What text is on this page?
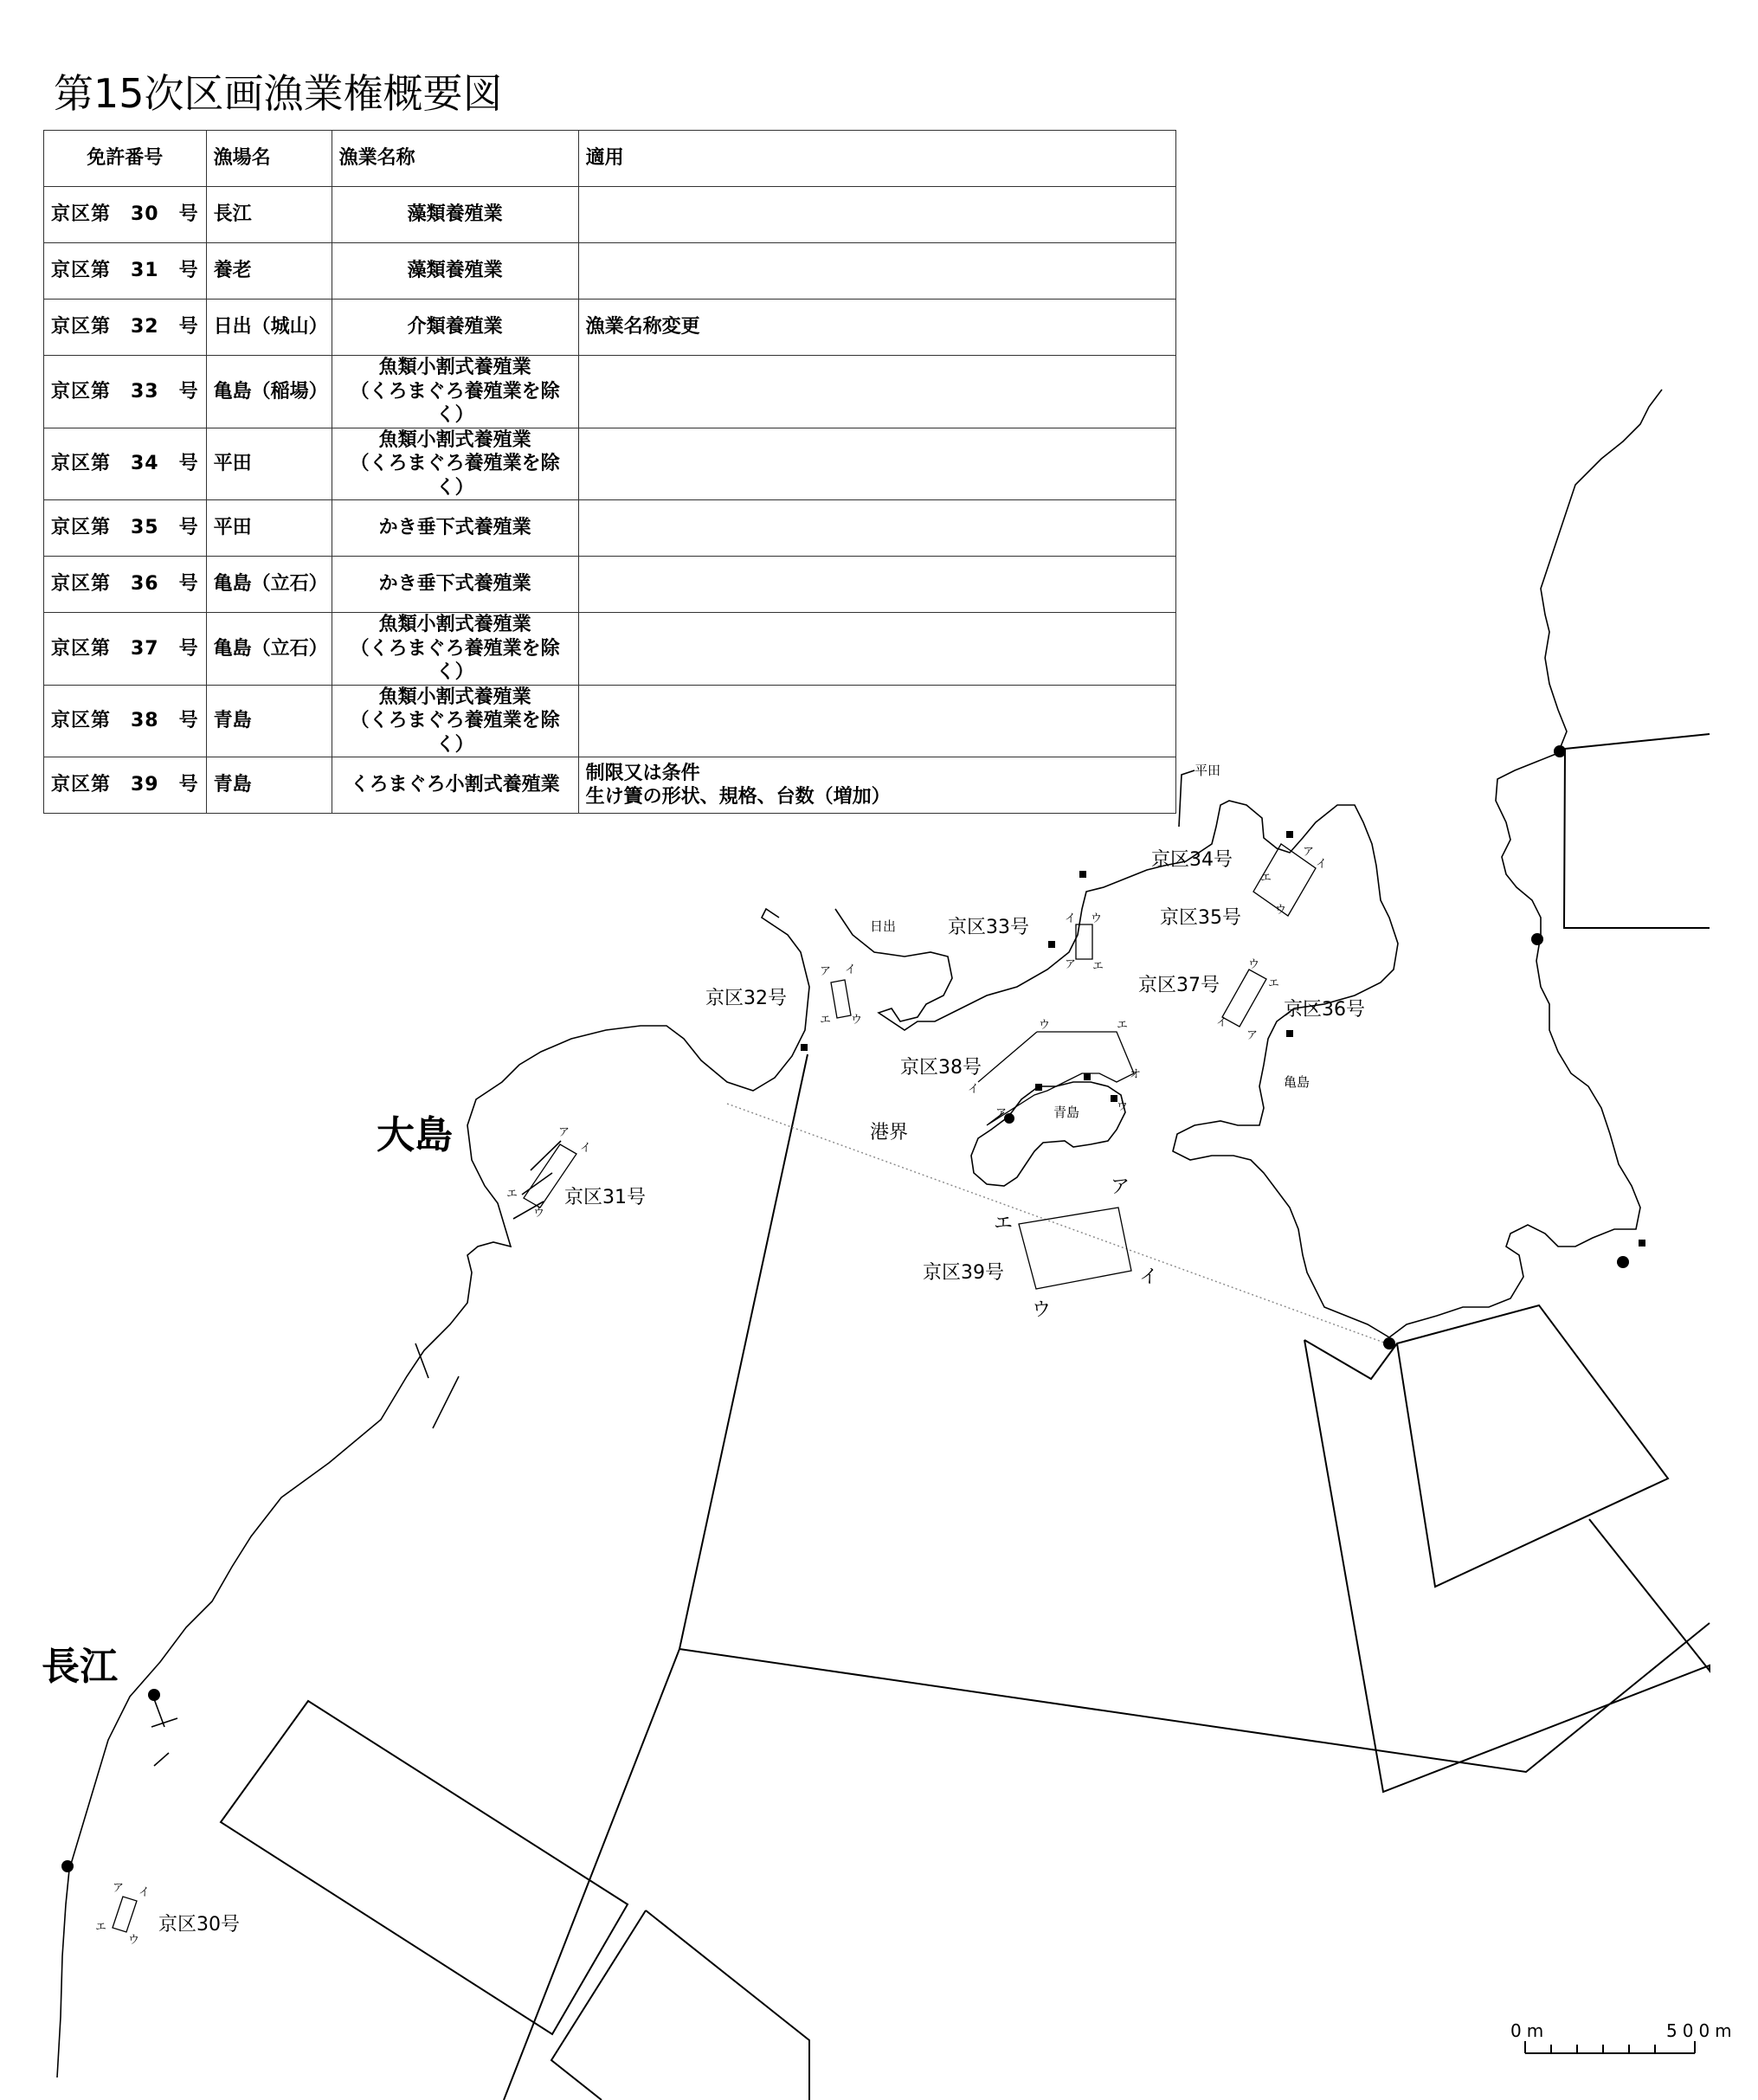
第15次区画漁業権概要図
免許番号	漁場名	漁業名称	適用
京区第　30　号	長江	藻類養殖業	
京区第　31　号	養老	藻類養殖業	
京区第　32　号	日出（城山）	介類養殖業	漁業名称変更
京区第　33　号	亀島（稲場）	魚類小割式養殖業
（くろまぐろ養殖業を除く）	
京区第　34　号	平田	魚類小割式養殖業
（くろまぐろ養殖業を除く）	
京区第　35　号	平田	かき垂下式養殖業	
京区第　36　号	亀島（立石）	かき垂下式養殖業	
京区第　37　号	亀島（立石）	魚類小割式養殖業
（くろまぐろ養殖業を除く）	
京区第　38　号	青島	魚類小割式養殖業
（くろまぐろ養殖業を除く）	
京区第　39　号	青島	くろまぐろ小割式養殖業	制限又は条件
生け簀の形状、規格、台数（増加）
大島
長江
日出
平田
青島
亀島
港界
京区30号
京区31号
京区32号
京区33号
京区34号
京区35号
京区36号
京区37号
京区38号
京区39号
ア イ
エ
ウ
ア
イ
エ
ウ
ア イ
エ ウ
ア
イ ウ
エ
ア
イ
エ
ウ
ウ
エ
イ
ア
ウ	エ
オ
ア
イ
ウ
ア
イ
エ
ウ
0m	500m
